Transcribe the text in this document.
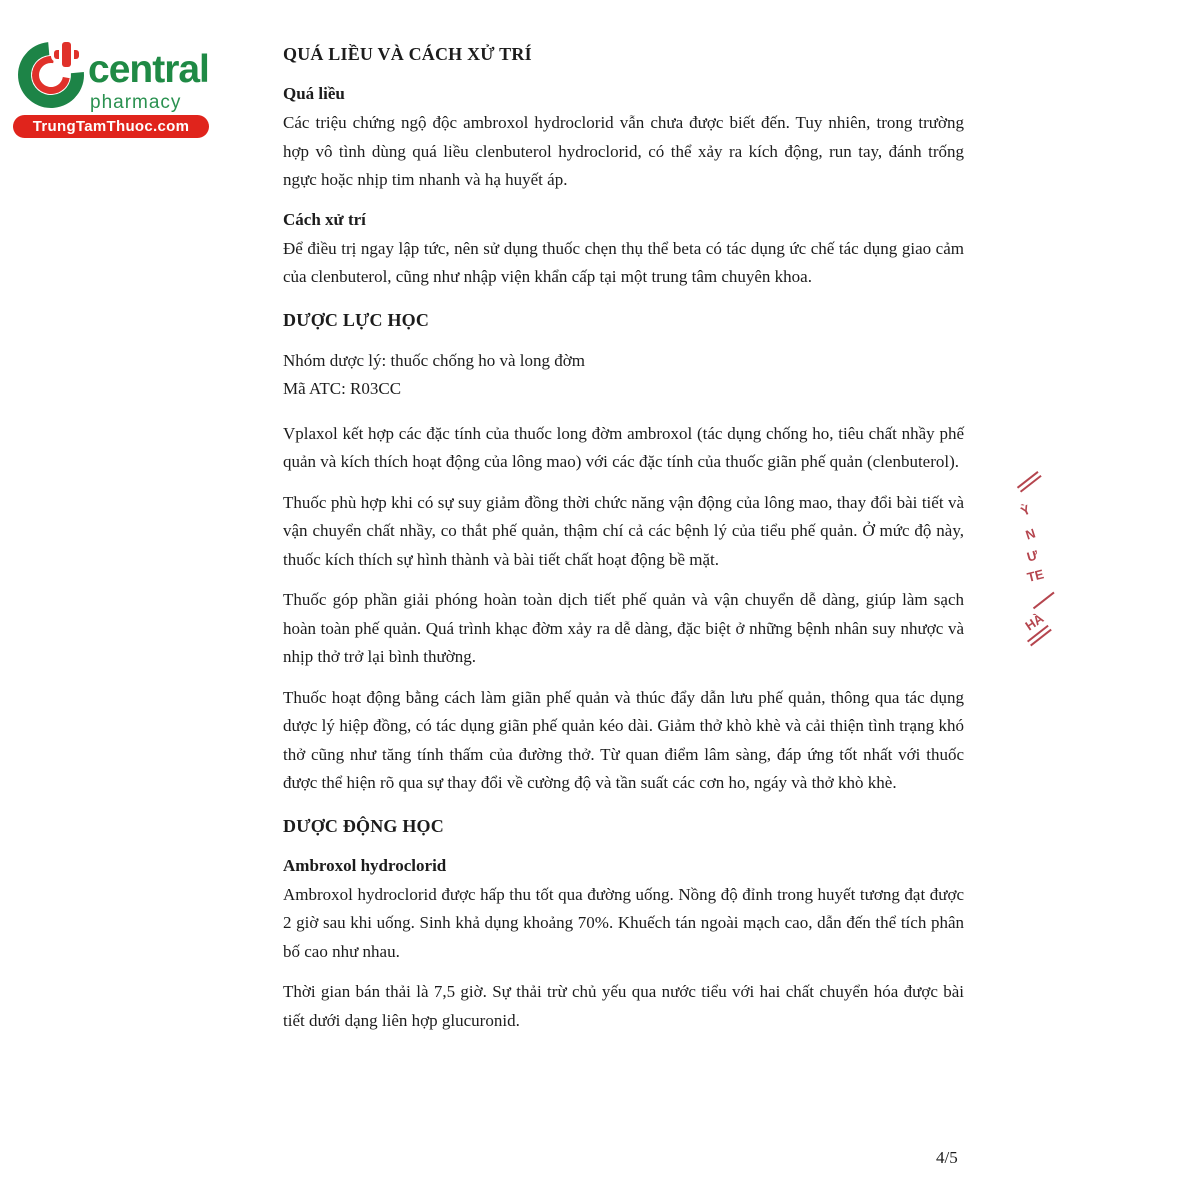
central
pharmacy
TrungTamThuoc.com
QUÁ LIỀU VÀ CÁCH XỬ TRÍ
Quá liều

Các triệu chứng ngộ độc ambroxol hydroclorid vẫn chưa được biết đến. Tuy nhiên, trong trường hợp vô tình dùng quá liều clenbuterol hydroclorid, có thể xảy ra kích động, run tay, đánh trống ngực hoặc nhịp tim nhanh và hạ huyết áp.

Cách xử trí

Để điều trị ngay lập tức, nên sử dụng thuốc chẹn thụ thể beta có tác dụng ức chế tác dụng giao cảm của clenbuterol, cũng như nhập viện khẩn cấp tại một trung tâm chuyên khoa.

DƯỢC LỰC HỌC
Nhóm dược lý: thuốc chống ho và long đờm
Mã ATC: R03CC

Vplaxol kết hợp các đặc tính của thuốc long đờm ambroxol (tác dụng chống ho, tiêu chất nhầy phế quản và kích thích hoạt động của lông mao) với các đặc tính của thuốc giãn phế quản (clenbuterol).

Thuốc phù hợp khi có sự suy giảm đồng thời chức năng vận động của lông mao, thay đổi bài tiết và vận chuyển chất nhầy, co thắt phế quản, thậm chí cả các bệnh lý của tiểu phế quản. Ở mức độ này, thuốc kích thích sự hình thành và bài tiết chất hoạt động bề mặt.

Thuốc góp phần giải phóng hoàn toàn dịch tiết phế quản và vận chuyển dễ dàng, giúp làm sạch hoàn toàn phế quản. Quá trình khạc đờm xảy ra dễ dàng, đặc biệt ở những bệnh nhân suy nhược và nhịp thở trở lại bình thường.

Thuốc hoạt động bằng cách làm giãn phế quản và thúc đẩy dẫn lưu phế quản, thông qua tác dụng dược lý hiệp đồng, có tác dụng giãn phế quản kéo dài. Giảm thở khò khè và cải thiện tình trạng khó thở cũng như tăng tính thấm của đường thở. Từ quan điểm lâm sàng, đáp ứng tốt nhất với thuốc được thể hiện rõ qua sự thay đổi về cường độ và tần suất các cơn ho, ngáy và thở khò khè.

DƯỢC ĐỘNG HỌC
Ambroxol hydroclorid

Ambroxol hydroclorid được hấp thu tốt qua đường uống. Nồng độ đỉnh trong huyết tương đạt được 2 giờ sau khi uống. Sinh khả dụng khoảng 70%. Khuếch tán ngoài mạch cao, dẫn đến thể tích phân bố cao như nhau.

Thời gian bán thải là 7,5 giờ. Sự thải trừ chủ yếu qua nước tiểu với hai chất chuyển hóa được bài tiết dưới dạng liên hợp glucuronid.

Ỳ
N
Ư
TE
HÀ
4/5
